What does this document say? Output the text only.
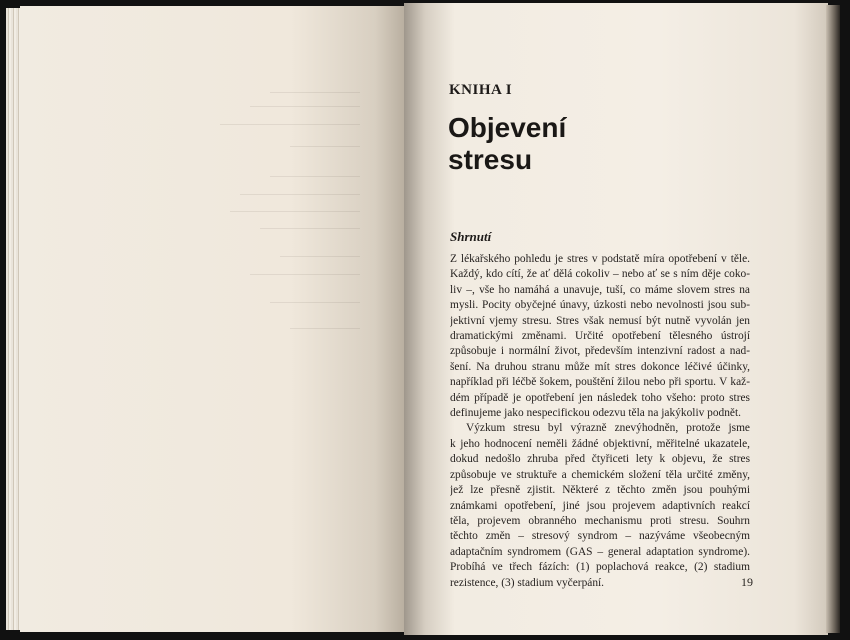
KNIHA I
Objevení
stresu
Shrnutí
Z lékařského pohledu je stres v podstatě míra opotřebení v těle.
Každý, kdo cítí, že ať dělá cokoliv – nebo ať se s ním děje coko-
liv –, vše ho namáhá a unavuje, tuší, co máme slovem stres na
mysli. Pocity obyčejné únavy, úzkosti nebo nevolnosti jsou sub-
jektivní vjemy stresu. Stres však nemusí být nutně vyvolán jen
dramatickými změnami. Určité opotřebení tělesného ústrojí
způsobuje i normální život, především intenzivní radost a nad-
šení. Na druhou stranu může mít stres dokonce léčivé účinky,
například při léčbě šokem, pouštění žilou nebo při sportu. V kaž-
dém případě je opotřebení jen následek toho všeho: proto stres
definujeme jako nespecifickou odezvu těla na jakýkoliv podnět.
Výzkum stresu byl výrazně znevýhodněn, protože jsme
k jeho hodnocení neměli žádné objektivní, měřitelné ukazatele,
dokud nedošlo zhruba před čtyřiceti lety k objevu, že stres
způsobuje ve struktuře a chemickém složení těla určité změny,
jež lze přesně zjistit. Některé z těchto změn jsou pouhými
známkami opotřebení, jiné jsou projevem adaptivních reakcí
těla, projevem obranného mechanismu proti stresu. Souhrn
těchto změn – stresový syndrom – nazýváme všeobecným
adaptačním syndromem (GAS – general adaptation syndrome).
Probíhá ve třech fázích: (1) poplachová reakce, (2) stadium
rezistence, (3) stadium vyčerpání.	19
